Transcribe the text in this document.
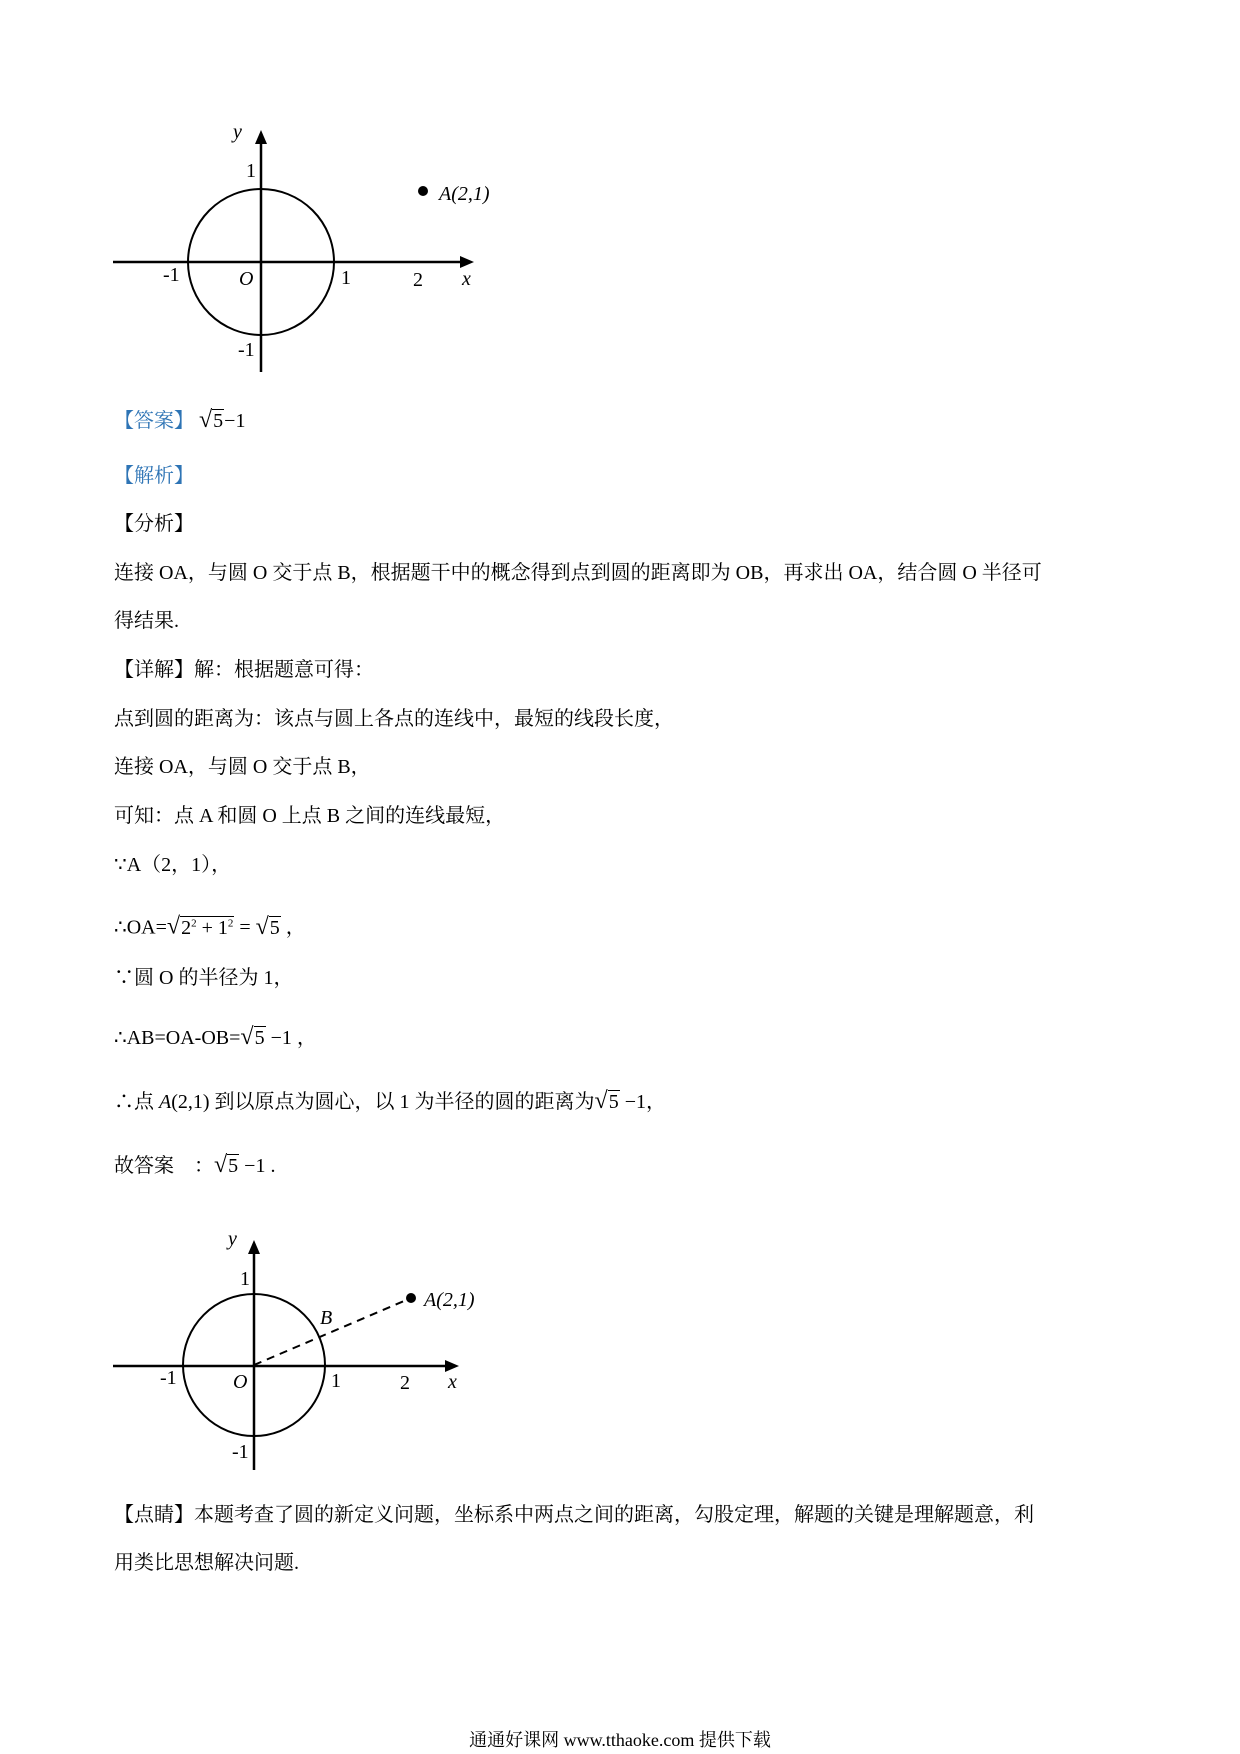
y
x
O
-1	1	2
1
-1
A(2,1)
【答案】 √5−1
【解析】
【分析】
连接 OA，与圆 O 交于点 B，根据题干中的概念得到点到圆的距离即为 OB，再求出 OA，结合圆 O 半径可
得结果.
【详解】解：根据题意可得：
点到圆的距离为：该点与圆上各点的连线中，最短的线段长度，
连接 OA，与圆 O 交于点 B，
可知：点 A 和圆 O 上点 B 之间的连线最短，
∵A（2，1），
$\therefore OA=√2^2 + 1^2 = √5$ ，
∵圆 O 的半径为 1，
∴AB=OA-OB=√5 −1 ，
∴点 A(2,1) 到以原点为圆心，以 1 为半径的圆的距离为√5 −1，
故答案　：√5 −1 .
y
x
O
B
-1	1	2
1
-1
A(2,1)
【点睛】本题考查了圆的新定义问题，坐标系中两点之间的距离，勾股定理，解题的关键是理解题意，利
用类比思想解决问题.
通通好课网 www.tthaoke.com 提供下载
